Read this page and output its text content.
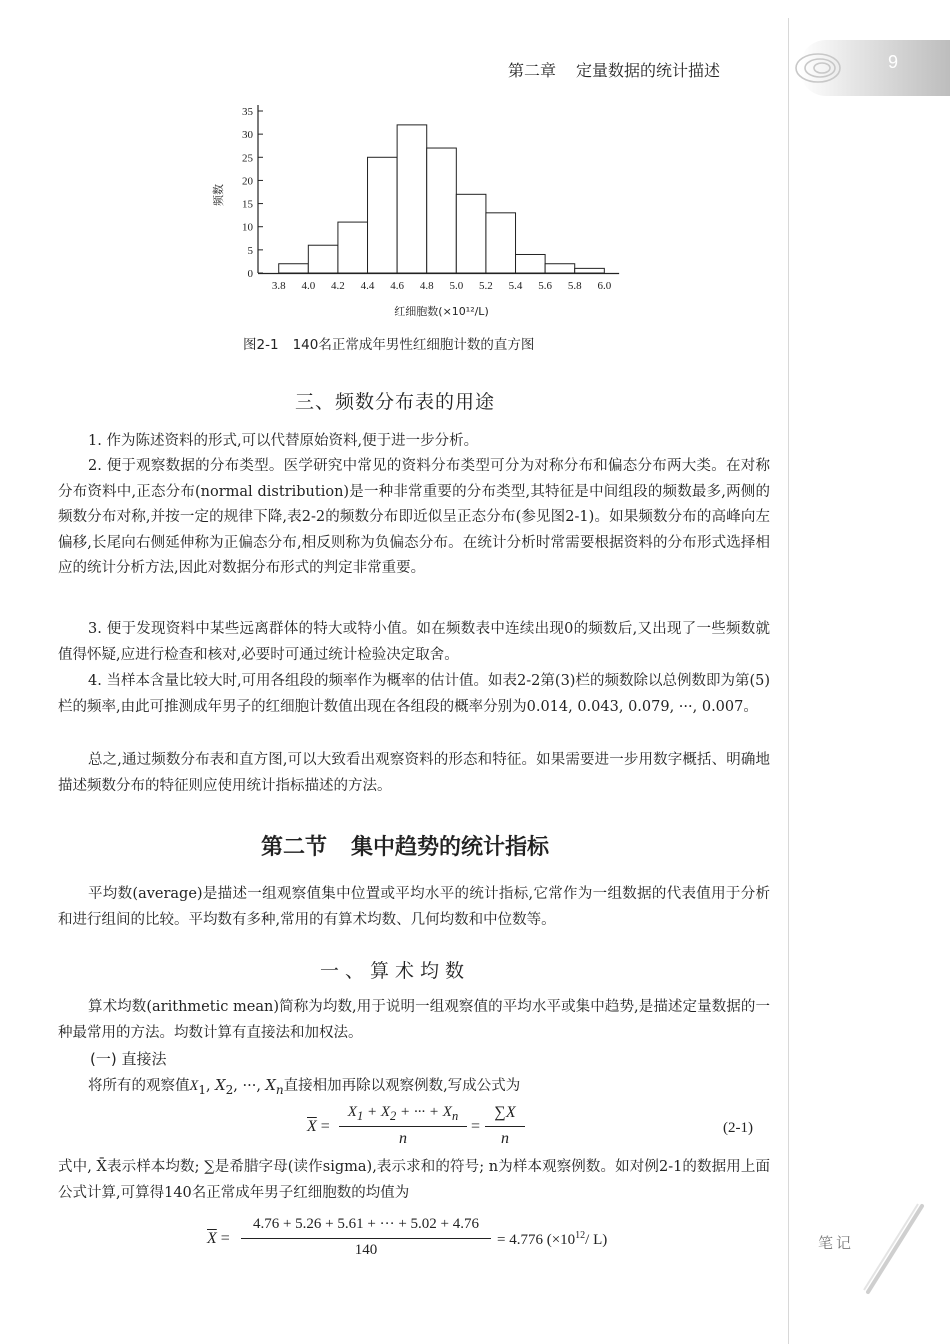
9
第二章 定量数据的统计描述
0
5
10
15
20
25
30
35
3.8 4.0 4.2 4.4 4.6 4.8 5.0 5.2 5.4 5.6 5.8 6.0
频数
红细胞数(×10¹²/L)
图2-1 140名正常成年男性红细胞计数的直方图
三、频数分布表的用途
1. 作为陈述资料的形式,可以代替原始资料,便于进一步分析。
2. 便于观察数据的分布类型。医学研究中常见的资料分布类型可分为对称分布和偏态分布两大类。在对称分布资料中,正态分布(normal distribution)是一种非常重要的分布类型,其特征是中间组段的频数最多,两侧的频数分布对称,并按一定的规律下降,表2-2的频数分布即近似呈正态分布(参见图2-1)。如果频数分布的高峰向左偏移,长尾向右侧延伸称为正偏态分布,相反则称为负偏态分布。在统计分析时常需要根据资料的分布形式选择相应的统计分析方法,因此对数据分布形式的判定非常重要。
3. 便于发现资料中某些远离群体的特大或特小值。如在频数表中连续出现0的频数后,又出现了一些频数就值得怀疑,应进行检查和核对,必要时可通过统计检验决定取舍。
4. 当样本含量比较大时,可用各组段的频率作为概率的估计值。如表2-2第(3)栏的频数除以总例数即为第(5)栏的频率,由此可推测成年男子的红细胞计数值出现在各组段的概率分别为0.014, 0.043, 0.079, ···, 0.007。
总之,通过频数分布表和直方图,可以大致看出观察资料的形态和特征。如果需要进一步用数字概括、明确地描述频数分布的特征则应使用统计指标描述的方法。
第二节 集中趋势的统计指标
平均数(average)是描述一组观察值集中位置或平均水平的统计指标,它常作为一组数据的代表值用于分析和进行组间的比较。平均数有多种,常用的有算术均数、几何均数和中位数等。
一、算术均数
算术均数(arithmetic mean)简称为均数,用于说明一组观察值的平均水平或集中趋势,是描述定量数据的一种最常用的方法。均数计算有直接法和加权法。
(一) 直接法
将所有的观察值$X_1$, $X_2$, ···, $X_n$直接相加再除以观察例数,写成公式为
$\overline{X}$ =
$X_1 + X_2$ + ··· + $X_n$
n
=
∑X
n
(2-1)
式中, X̄表示样本均数; ∑是希腊字母(读作sigma),表示求和的符号; n为样本观察例数。如对例2-1的数据用上面公式计算,可算得140名正常成年男子红细胞数的均值为
$\overline{X}$ =
4.76 + 5.26 + 5.61 + ··· + 5.02 + 4.76
140
= 4.776 ($\times 10^{12}/$ L)	笔记
